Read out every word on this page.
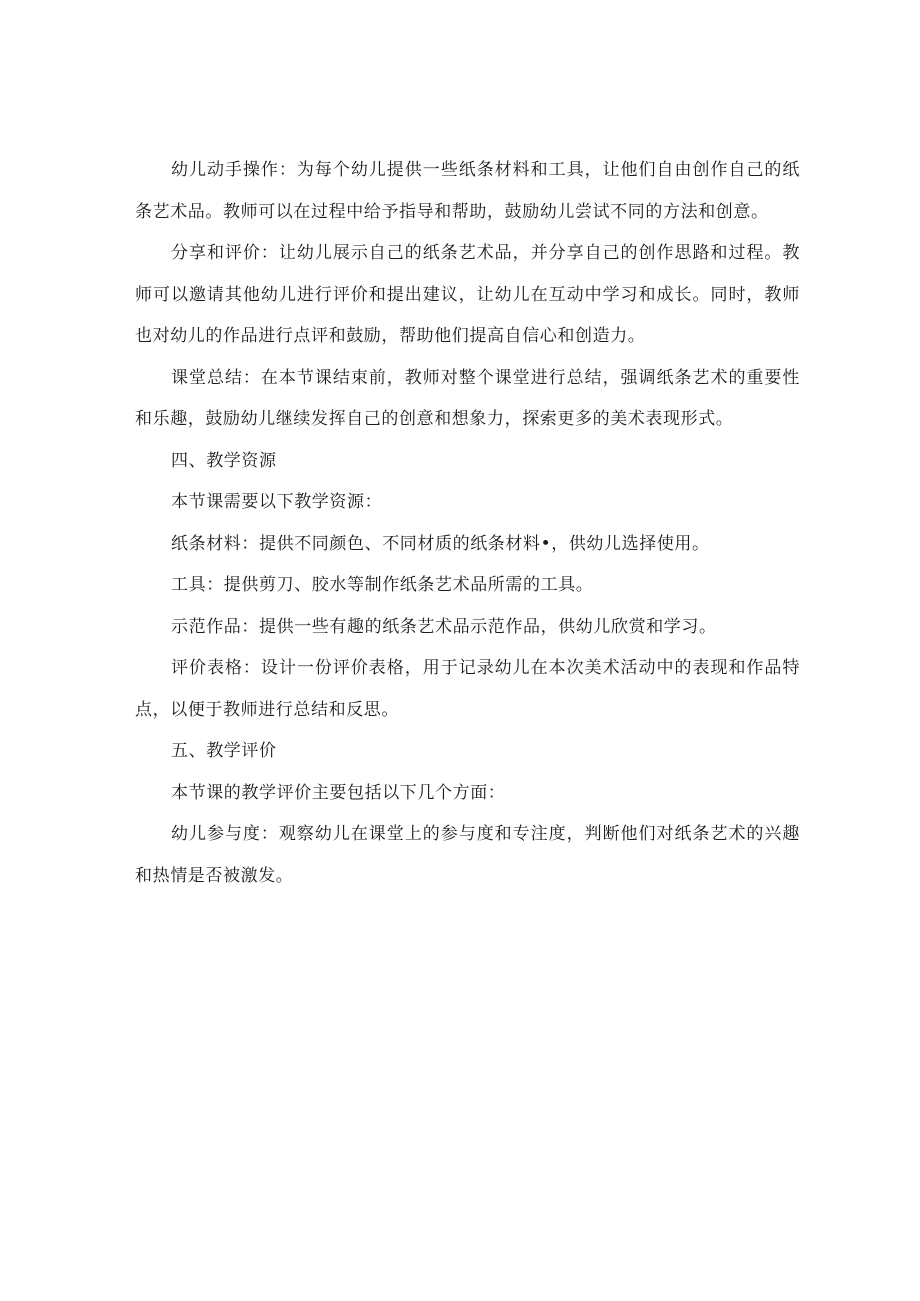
幼儿动手操作：为每个幼儿提供一些纸条材料和工具，让他们自由创作自己的纸条艺术品。教师可以在过程中给予指导和帮助，鼓励幼儿尝试不同的方法和创意。

分享和评价：让幼儿展示自己的纸条艺术品，并分享自己的创作思路和过程。教师可以邀请其他幼儿进行评价和提出建议，让幼儿在互动中学习和成长。同时，教师也对幼儿的作品进行点评和鼓励，帮助他们提高自信心和创造力。

课堂总结：在本节课结束前，教师对整个课堂进行总结，强调纸条艺术的重要性和乐趣，鼓励幼儿继续发挥自己的创意和想象力，探索更多的美术表现形式。

四、教学资源

本节课需要以下教学资源：

纸条材料：提供不同颜色、不同材质的纸条材料•，供幼儿选择使用。

工具：提供剪刀、胶水等制作纸条艺术品所需的工具。

示范作品：提供一些有趣的纸条艺术品示范作品，供幼儿欣赏和学习。

评价表格：设计一份评价表格，用于记录幼儿在本次美术活动中的表现和作品特点，以便于教师进行总结和反思。

五、教学评价

本节课的教学评价主要包括以下几个方面：

幼儿参与度：观察幼儿在课堂上的参与度和专注度，判断他们对纸条艺术的兴趣和热情是否被激发。
